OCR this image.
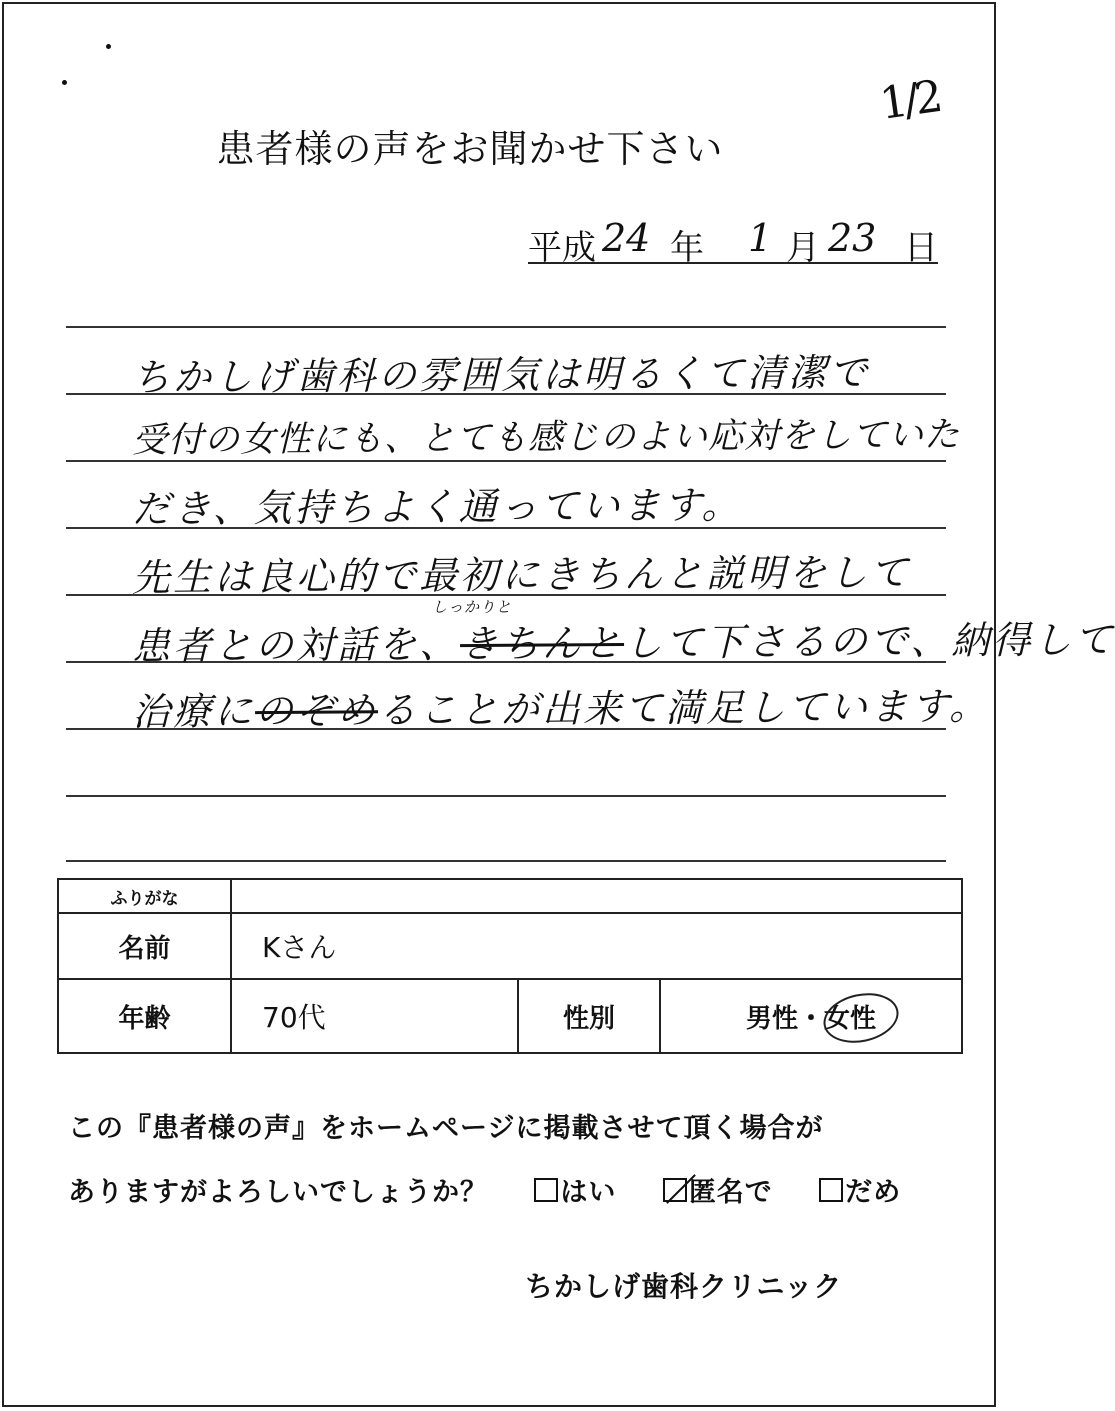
1/2
患者様の声をお聞かせ下さい
平成 24 年 1 月 23 日
ちかしげ歯科の雰囲気は明るくて清潔で
受付の女性にも、とても感じのよい応対をしていた
だき、気持ちよく通っています。
先生は良心的で最初にきちんと説明をして
患者との対話を、きちんとして下さるので、納得して
しっかりと
治療にのぞめることが出来て満足しています。
ふりがな			
名前	Kさん		
年齢	70代	性別	男性・女性
この『患者様の声』をホームページに掲載させて頂く場合が
ありますがよろしいでしょうか？	はい	匿名で	だめ
ちかしげ歯科クリニック
